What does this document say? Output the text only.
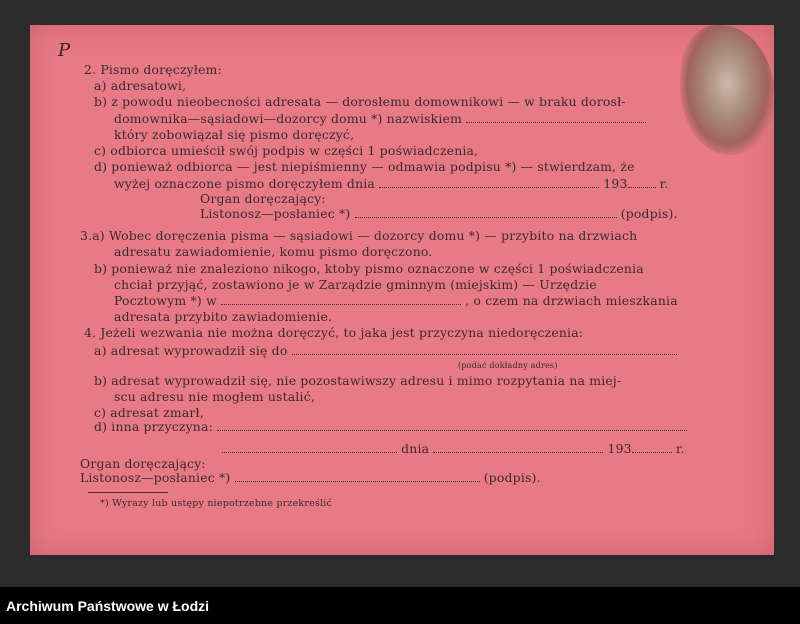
P
2. Pismo doręczyłem:
a) adresatowi,
b) z powodu nieobecności adresata — dorosłemu domownikowi — w braku dorosł-
domownika—sąsiadowi—dozorcy domu *) nazwiskiem
który zobowiązał się pismo doręczyć,
c) odbiorca umieścił swój podpis w części 1 poświadczenia,
d) ponieważ odbiorca — jest niepiśmienny — odmawia podpisu *) — stwierdzam, że
wyżej oznaczone pismo doręczyłem dnia	193	r.
Organ doręczający:
Listonosz—posłaniec *)	(podpis).
3.a) Wobec doręczenia pisma — sąsiadowi — dozorcy domu *) — przybito na drzwiach
adresatu zawiadomienie, komu pismo doręczono.
b) ponieważ nie znaleziono nikogo, ktoby pismo oznaczone w części 1 poświadczenia
chciał przyjąć, zostawiono je w Zarządzie gminnym (miejskim) — Urzędzie
Pocztowym *) w	, o czem na drzwiach mieszkania
adresata przybito zawiadomienie.
4. Jeżeli wezwania nie można doręczyć, to jaka jest przyczyna niedoręczenia:
a) adresat wyprowadził się do
(podać dokładny adres)
b) adresat wyprowadził się, nie pozostawiwszy adresu i mimo rozpytania na miej-
scu adresu nie mogłem ustalić,
c) adresat zmarł,
d) inna przyczyna:
dnia	193	r.
Organ doręczający:
Listonosz—posłaniec *)	(podpis).
*) Wyrazy lub ustępy niepotrzebne przekreślić
Archiwum Państwowe w Łodzi
